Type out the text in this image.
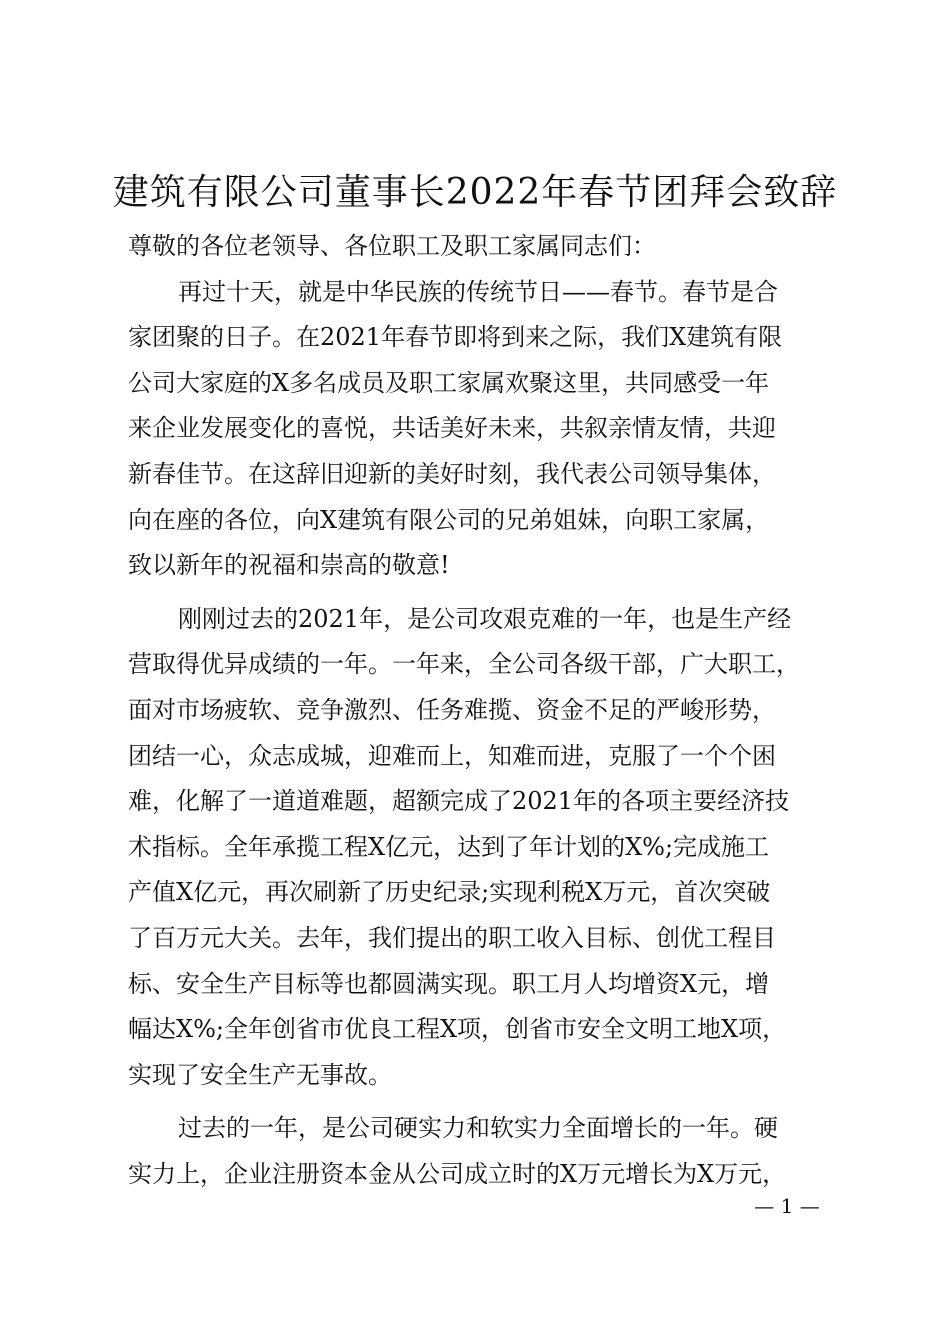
建筑有限公司董事长2022年春节团拜会致辞
尊敬的各位老领导、各位职工及职工家属同志们：
再过十天，就是中华民族的传统节日——春节。春节是合
家团聚的日子。在2021年春节即将到来之际，我们X建筑有限
公司大家庭的X多名成员及职工家属欢聚这里，共同感受一年
来企业发展变化的喜悦，共话美好未来，共叙亲情友情，共迎
新春佳节。在这辞旧迎新的美好时刻，我代表公司领导集体，
向在座的各位，向X建筑有限公司的兄弟姐妹，向职工家属，
致以新年的祝福和崇高的敬意!
刚刚过去的2021年，是公司攻艰克难的一年，也是生产经
营取得优异成绩的一年。一年来，全公司各级干部，广大职工，
面对市场疲软、竞争激烈、任务难揽、资金不足的严峻形势，
团结一心，众志成城，迎难而上，知难而进，克服了一个个困
难，化解了一道道难题，超额完成了2021年的各项主要经济技
术指标。全年承揽工程X亿元，达到了年计划的X%;完成施工
产值X亿元，再次刷新了历史纪录;实现利税X万元，首次突破
了百万元大关。去年，我们提出的职工收入目标、创优工程目
标、安全生产目标等也都圆满实现。职工月人均增资X元，增
幅达X%;全年创省市优良工程X项，创省市安全文明工地X项，
实现了安全生产无事故。
过去的一年，是公司硬实力和软实力全面增长的一年。硬
实力上，企业注册资本金从公司成立时的X万元增长为X万元，
— 1 —
